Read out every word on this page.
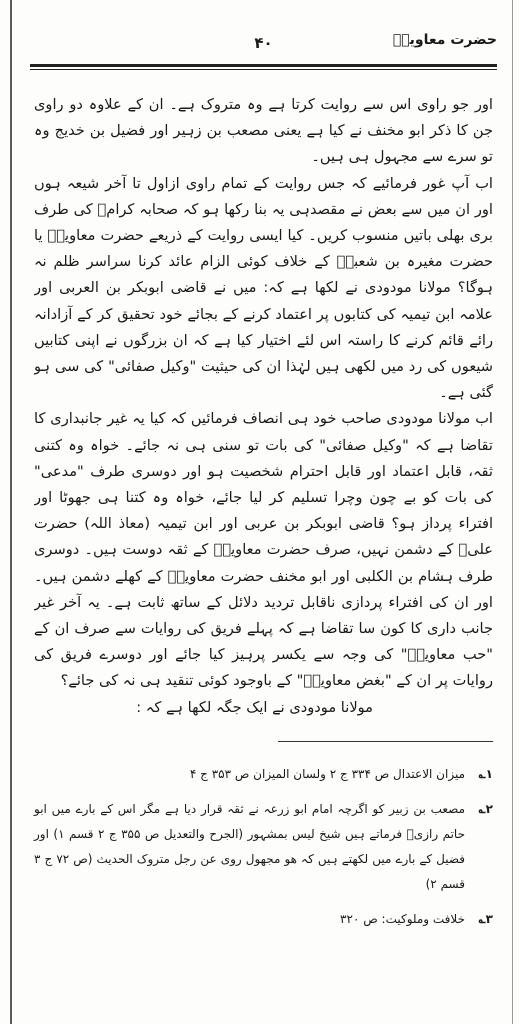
حضرت معاویہؓ
۴۰

اور جو راوی اس سے روایت کرتا ہے وہ متروک ہے۔ ان کے علاوہ دو راوی جن کا ذکر ابو مخنف نے کیا ہے یعنی مصعب بن زہیر اور فضیل بن خدیج وہ تو سرے سے مجہول ہی ہیں۔

اب آپ غور فرمائیے کہ جس روایت کے تمام راوی ازاول تا آخر شیعہ ہوں اور ان میں سے بعض نے مقصدہی یہ بنا رکھا ہو کہ صحابہ کرامؓ کی طرف بری بھلی باتیں منسوب کریں۔ کیا ایسی روایت کے ذریعے حضرت معاویہؓ یا حضرت مغیرہ بن شعبہؓ کے خلاف کوئی الزام عائد کرنا سراسر ظلم نہ ہوگا؟ مولانا مودودی نے لکھا ہے کہ: میں نے قاضی ابوبکر بن العربی اور علامہ ابن تیمیہ کی کتابوں پر اعتماد کرنے کے بجائے خود تحقیق کر کے آزادانہ رائے قائم کرنے کا راستہ اس لئے اختیار کیا ہے کہ ان بزرگوں نے اپنی کتابیں شیعوں کی رد میں لکھی ہیں لہٰذا ان کی حیثیت "وکیل صفائی" کی سی ہو گئی ہے۔

اب مولانا مودودی صاحب خود ہی انصاف فرمائیں کہ کیا یہ غیر جانبداری کا تقاضا ہے کہ "وکیل صفائی" کی بات تو سنی ہی نہ جائے۔ خواہ وہ کتنی ثقہ، قابل اعتماد اور قابل احترام شخصیت ہو اور دوسری طرف "مدعی" کی بات کو بے چون وچرا تسلیم کر لیا جائے، خواہ وہ کتنا ہی جھوٹا اور افتراء پرداز ہو؟ قاضی ابوبکر بن عربی اور ابن تیمیہ (معاذ اللہ) حضرت علیؓ کے دشمن نہیں، صرف حضرت معاویہؓ کے ثقہ دوست ہیں۔ دوسری طرف ہشام بن الکلبی اور ابو مخنف حضرت معاویہؓ کے کھلے دشمن ہیں۔ اور ان کی افتراء پردازی ناقابل تردید دلائل کے ساتھ ثابت ہے۔ یہ آخر غیر جانب داری کا کون سا تقاضا ہے کہ پہلے فریق کی روایات سے صرف ان کے "حب معاویہؓ" کی وجہ سے یکسر پرہیز کیا جائے اور دوسرے فریق کی روایات پر ان کے "بغض معاویہؓ" کے باوجود کوئی تنقید ہی نہ کی جائے؟

مولانا مودودی نے ایک جگہ لکھا ہے کہ :

۱؎
میزان الاعتدال ص ۳۳۴ ج ۲ ولسان المیزان ص ۳۵۳ ج ۴
۲؎
مصعب بن زبیر کو اگرچہ امام ابو زرعہ نے ثقہ قرار دیا ہے مگر اس کے بارے میں ابو حاتم رازیؒ فرماتے ہیں شیخ لیس بمشہور (الجرح والتعدیل ص ۳۵۵ ج ۲ قسم ۱) اور فضیل کے بارے میں لکھتے ہیں کہ ھو مجھول روی عن رجل متروک الحدیث (ص ۷۲ ج ۳ قسم ۲)
۳؎
خلافت وملوکیت: ص ۳۲۰
